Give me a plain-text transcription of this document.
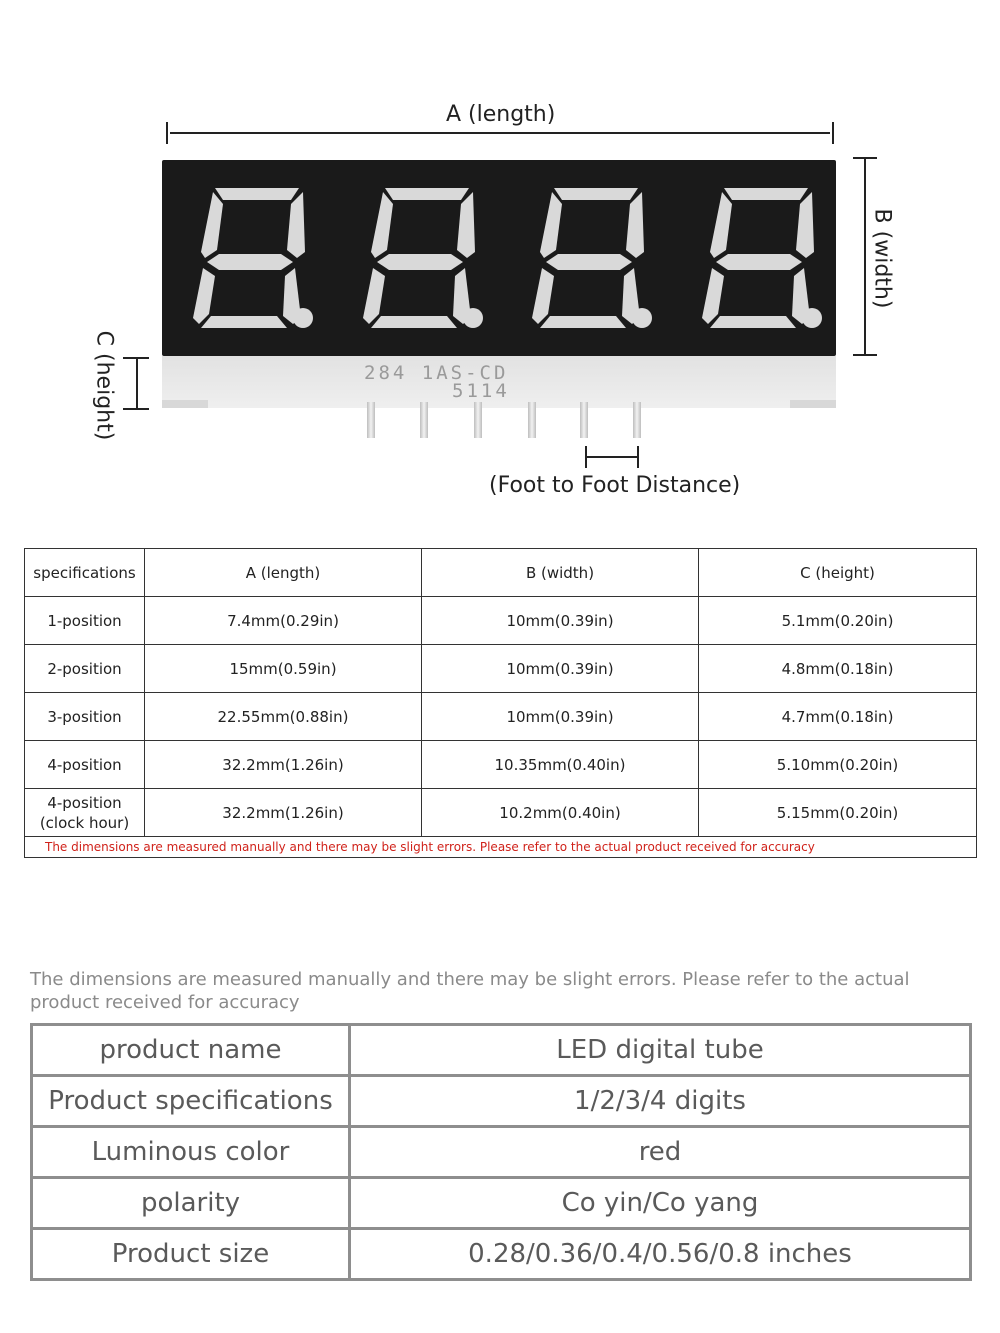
A (length)
B (width)
C (height)	284 1AS-CD
5114
(Foot to Foot Distance)
specifications	A (length)	B (width)	C (height)
1-position	7.4mm(0.29in)	10mm(0.39in)	5.1mm(0.20in)
2-position	15mm(0.59in)	10mm(0.39in)	4.8mm(0.18in)
3-position	22.55mm(0.88in)	10mm(0.39in)	4.7mm(0.18in)
4-position	32.2mm(1.26in)	10.35mm(0.40in)	5.10mm(0.20in)
4-position
(clock hour)	32.2mm(1.26in)	10.2mm(0.40in)	5.15mm(0.20in)
The dimensions are measured manually and there may be slight errors. Please refer to the actual product received for accuracy			
The dimensions are measured manually and there may be slight errors. Please refer to the actual product received for accuracy
product name	LED digital tube
Product specifications	1/2/3/4 digits
Luminous color	red
polarity	Co yin/Co yang
Product size	0.28/0.36/0.4/0.56/0.8 inches
